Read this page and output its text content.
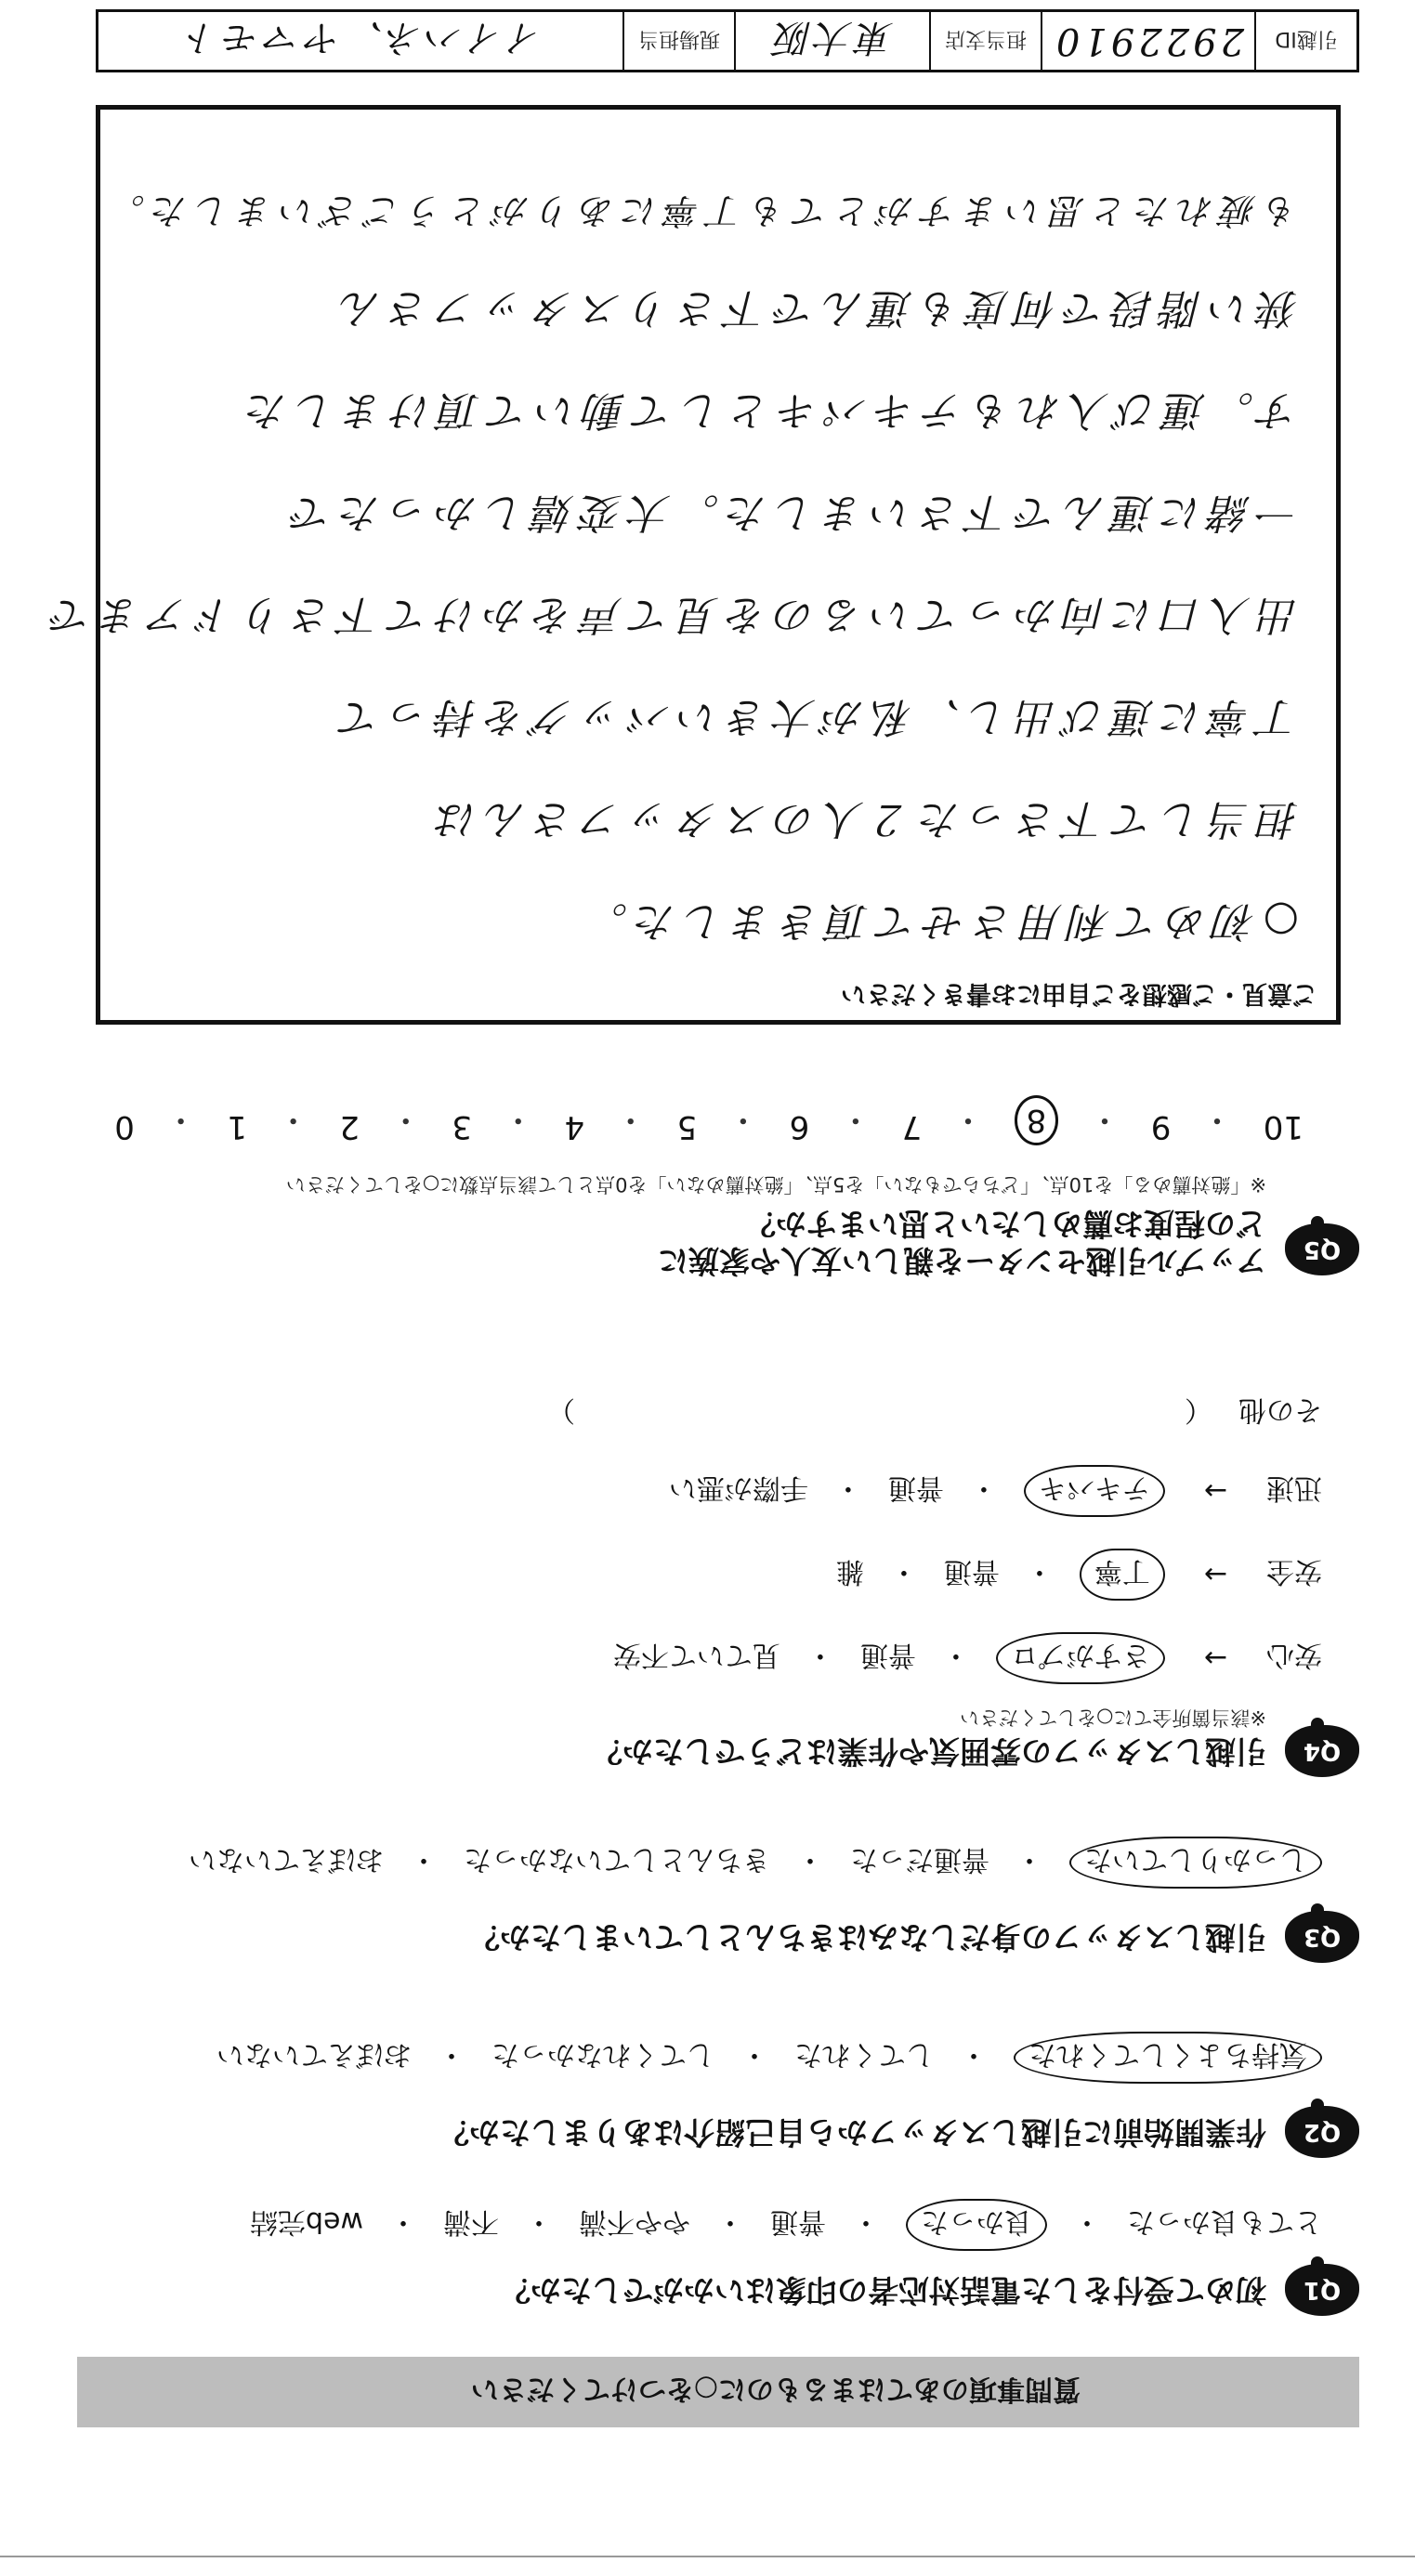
引越ID
2922910
担当支店
東大阪
現場担当
イイハネ、ヤマモト
ご意見・ご感想をご自由にお書きください
○初めて利用させて頂きました。
担当して下さった２人のスタッフさんは
丁寧に運び出し、私が大きいバッグを持って
出入口に向かっているのを見て声をかけて下さりドアまで
一緒に運んで下さいました。大変嬉しかったで
す。運び入れもテキパキとして動いて頂けました
狭い階段で何度も運んで下さりスタッフさん
も疲れたと思いますがとても丁寧にありがとうございました。
Q5
アップル引越センターを親しい友人や家族に
どの程度お薦めしたいと思いますか？
※「絶対薦める」を10点、「どちらでもない」を5点、「絶対薦めない」を0点として該当点数に○をしてください
10
・
9
・
8
・
7
・
6
・
5
・
4
・
3
・
2
・
1
・
0
Q4
引越しスタッフの雰囲気や作業はどうでしたか？
※該当箇所全てに○をしてください
安心
→
さすがプロ
・
普通
・
見ていて不安
安全
→
丁寧
・
普通
・
雑
迅速
→
テキパキ
・
普通
・
手際が悪い
その他
（
）
Q3
引越しスタッフの身だしなみはきちんとしていましたか？
しっかりしていた
・
普通だった
・
きちんとしていなかった
・
おぼえていない
Q2
作業開始前に引越しスタッフから自己紹介はありましたか？
気持ちよくしてくれた
・
してくれた
・
してくれなかった
・
おぼえていない
Q1
初めて受付をした電話対応者の印象はいかがでしたか？
とても良かった
・
良かった
・
普通
・
やや不満
・
不満
・
web完結
質問事項のあてはまるものに○をつけてください
